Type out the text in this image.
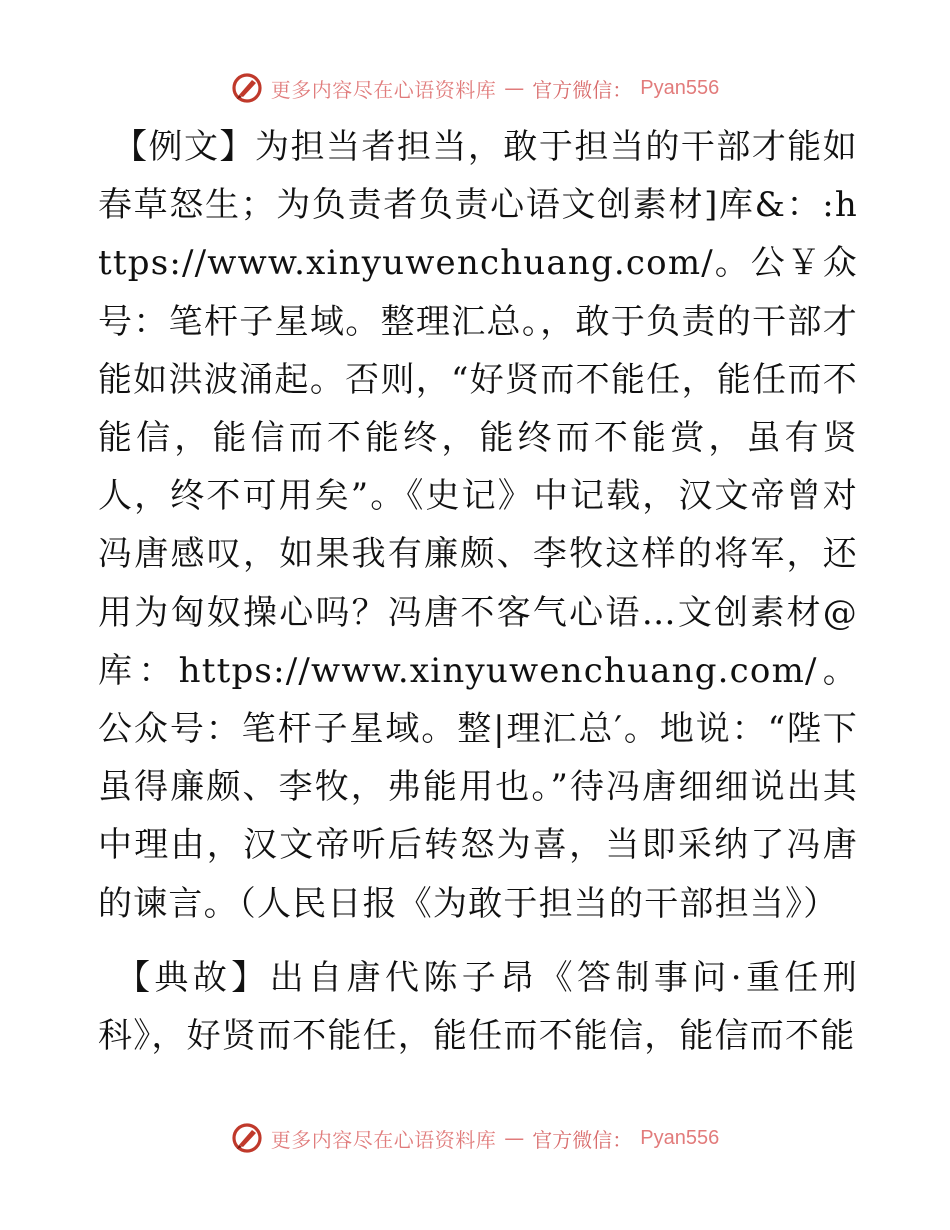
更多内容尽在心语资料库 — 官方微信： Pyan556

【例文】为担当者担当，敢于担当的干部才能如春草怒生；为负责者负责心语文创素材]库&：:https://www.xinyuwenchuang.com/。公￥众号：笔杆子星域。整理汇总。，敢于负责的干部才能如洪波涌起。否则，“好贤而不能任，能任而不能信，能信而不能终，能终而不能赏，虽有贤人，终不可用矣”。《史记》中记载，汉文帝曾对冯唐感叹，如果我有廉颇、李牧这样的将军，还用为匈奴操心吗？冯唐不客气心语…文创素材@库：https://www.xinyuwenchuang.com/。公众号：笔杆子星域。整|理汇总′。地说：“陛下虽得廉颇、李牧，弗能用也。”待冯唐细细说出其中理由，汉文帝听后转怒为喜，当即采纳了冯唐的谏言。（人民日报《为敢于担当的干部担当》）

【典故】出自唐代陈子昂《答制事问·重任刑科》，好贤而不能任，能任而不能信，能信而不能

更多内容尽在心语资料库 — 官方微信： Pyan556
